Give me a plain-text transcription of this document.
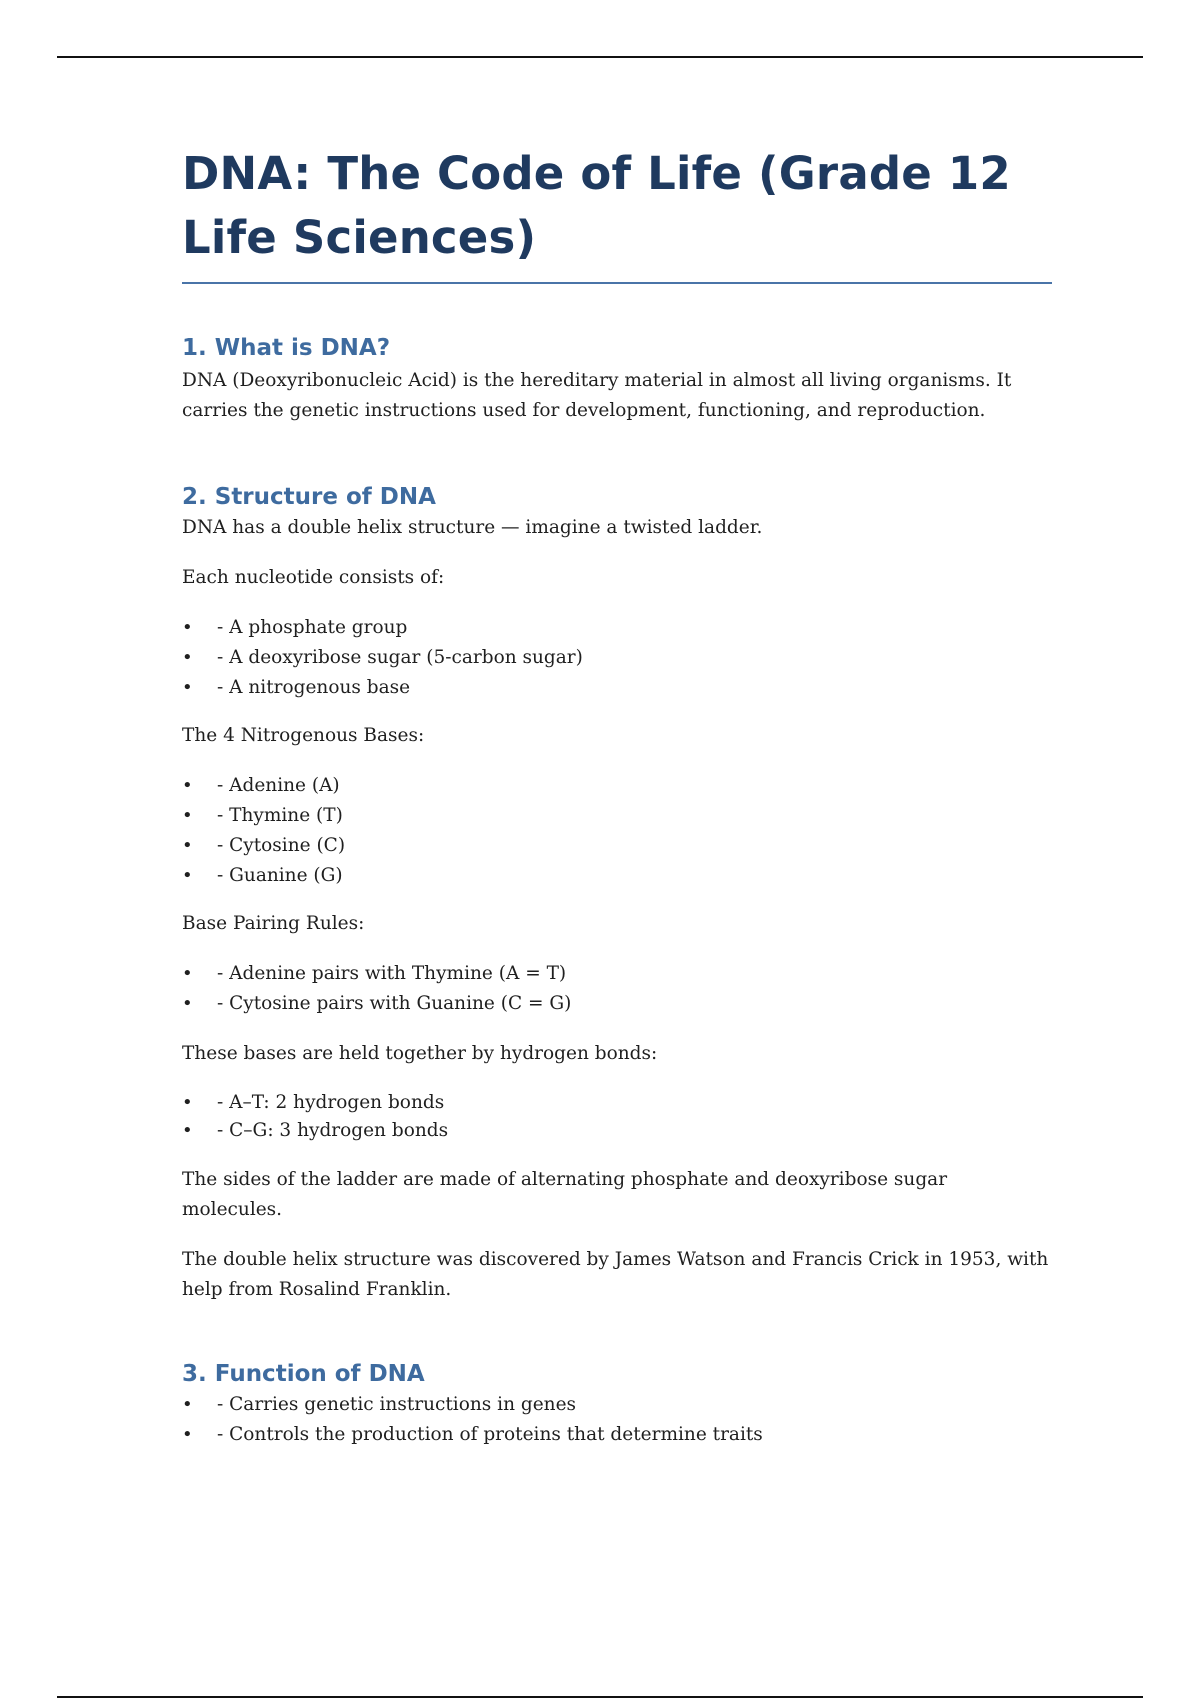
DNA: The Code of Life (Grade 12 Life Sciences)
1. What is DNA?

DNA (Deoxyribonucleic Acid) is the hereditary material in almost all living organisms. It carries the genetic instructions used for development, functioning, and reproduction.

2. Structure of DNA

DNA has a double helix structure — imagine a twisted ladder.

Each nucleotide consists of:

• - A phosphate group
• - A deoxyribose sugar (5-carbon sugar)
• - A nitrogenous base

The 4 Nitrogenous Bases:

• - Adenine (A)
• - Thymine (T)
• - Cytosine (C)
• - Guanine (G)

Base Pairing Rules:

• - Adenine pairs with Thymine (A = T)
• - Cytosine pairs with Guanine (C = G)

These bases are held together by hydrogen bonds:

• - A–T: 2 hydrogen bonds
• - C–G: 3 hydrogen bonds

The sides of the ladder are made of alternating phosphate and deoxyribose sugar molecules.

The double helix structure was discovered by James Watson and Francis Crick in 1953, with help from Rosalind Franklin.

3. Function of DNA
• - Carries genetic instructions in genes
• - Controls the production of proteins that determine traits
